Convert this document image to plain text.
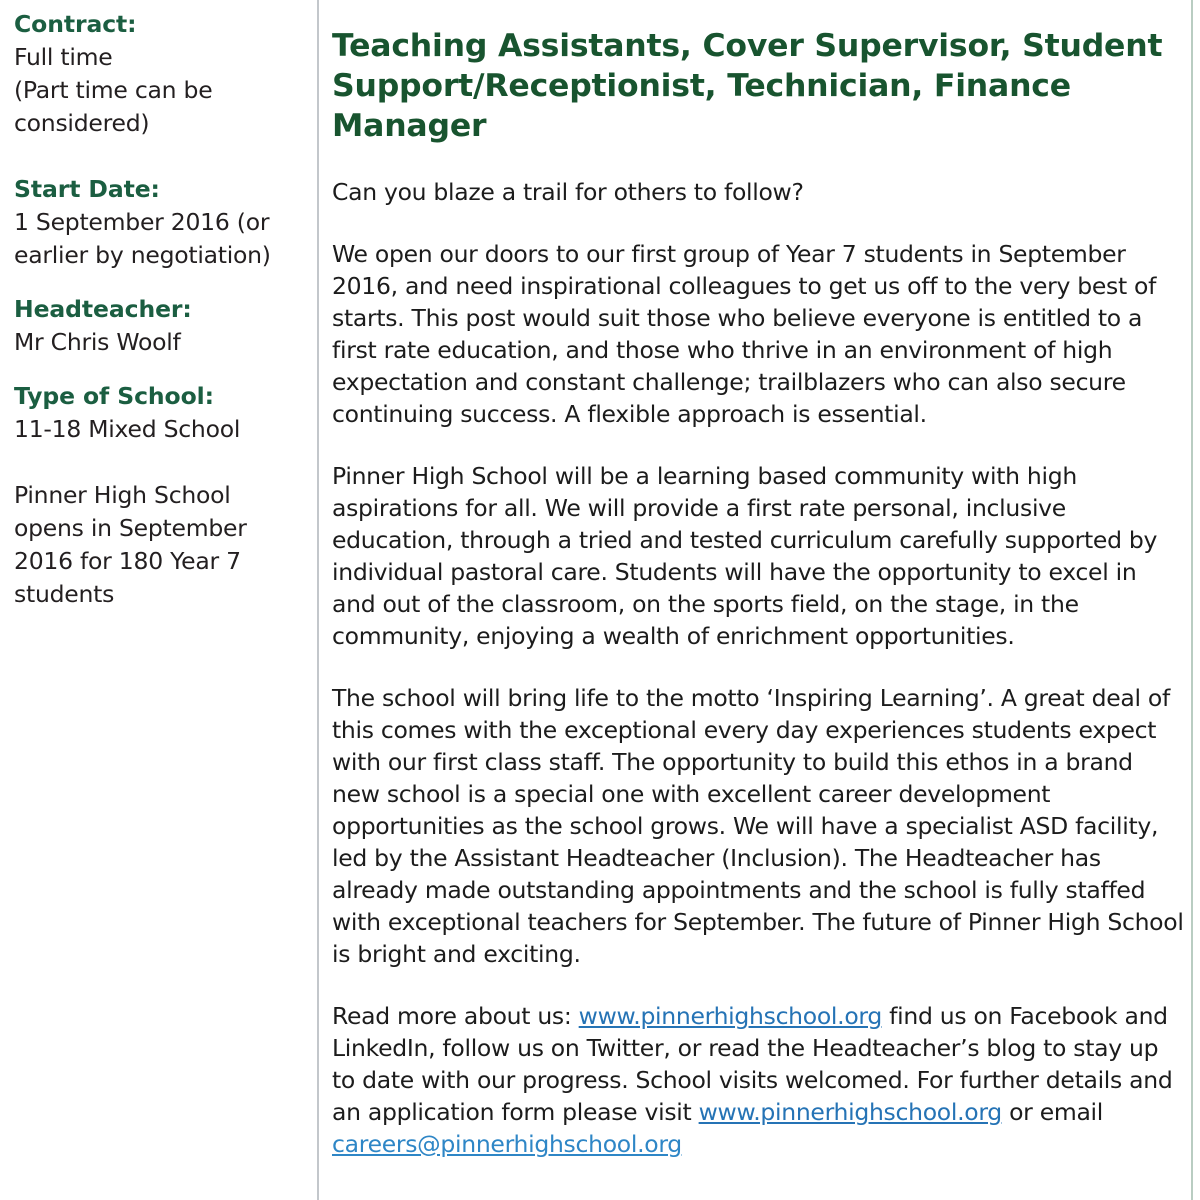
Contract:

Full time

(Part time can be

considered)

Start Date:

1 September 2016 (or

earlier by negotiation)

Headteacher:

Mr Chris Woolf

Type of School:

11-18 Mixed School

Pinner High School

opens in September

2016 for 180 Year 7

students

Teaching Assistants, Cover Supervisor, Student Support/Receptionist, Technician, Finance Manager

Can you blaze a trail for others to follow?

We open our doors to our first group of Year 7 students in September 2016, and need inspirational colleagues to get us off to the very best of starts. This post would suit those who believe everyone is entitled to a first rate education, and those who thrive in an environment of high expectation and constant challenge; trailblazers who can also secure continuing success. A flexible approach is essential.

Pinner High School will be a learning based community with high aspirations for all. We will provide a first rate personal, inclusive education, through a tried and tested curriculum carefully supported by individual pastoral care. Students will have the opportunity to excel in and out of the classroom, on the sports field, on the stage, in the community, enjoying a wealth of enrichment opportunities.

The school will bring life to the motto ‘Inspiring Learning’. A great deal of this comes with the exceptional every day experiences students expect with our first class staff. The opportunity to build this ethos in a brand new school is a special one with excellent career development opportunities as the school grows. We will have a specialist ASD facility, led by the Assistant Headteacher (Inclusion). The Headteacher has already made outstanding appointments and the school is fully staffed with exceptional teachers for September. The future of Pinner High School is bright and exciting.

Read more about us: www.pinnerhighschool.org find us on Facebook and LinkedIn, follow us on Twitter, or read the Headteacher’s blog to stay up to date with our progress. School visits welcomed. For further details and an application form please visit www.pinnerhighschool.org or email careers@pinnerhighschool.org
